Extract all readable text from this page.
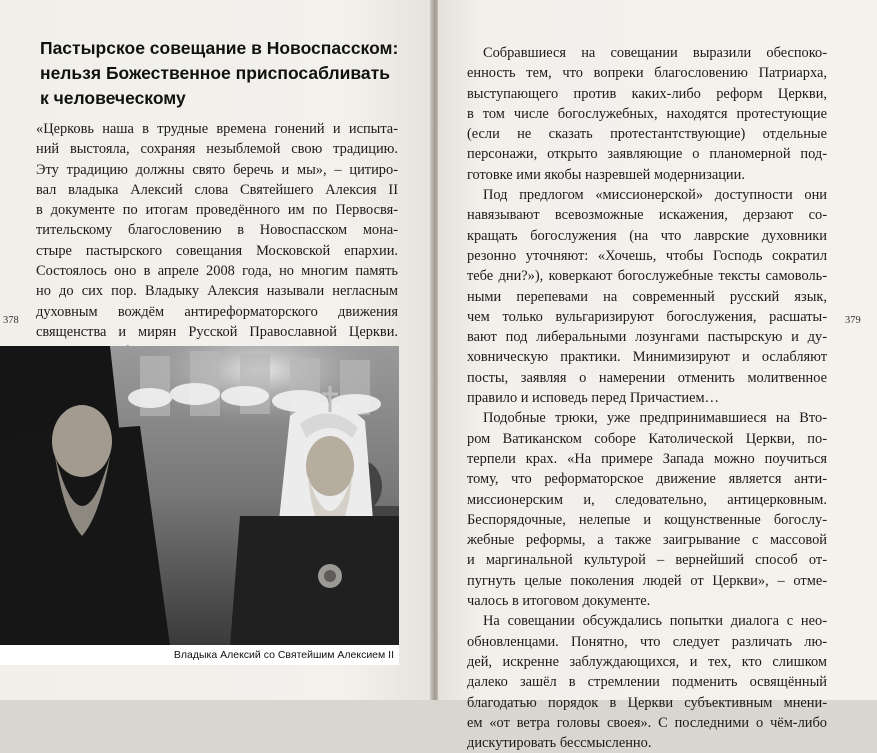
Пастырское совещание в Новоспасском:
нельзя Божественное приспосабливать
к человеческому
«Церковь наша в трудные времена гонений и испыта-
ний выстояла, сохраняя незыблемой свою традицию.
Эту традицию должны свято беречь и мы», – цитиро-
вал владыка Алексий слова Святейшего Алексия II
в документе по итогам проведённого им по Первосвя-
тительскому благословению в Новоспасском мона-
стыре пастырского совещания Московской епархии.
Состоялось оно в апреле 2008 года, но многим память
но до сих пор. Владыку Алексия называли негласным
духовным вождём антиреформаторского движения
священства и мирян Русской Православной Церкви.
378	379
Владыка Алексий со Святейшим Алексием II
Собравшиеся на совещании выразили обеспоко-
енность тем, что вопреки благословению Патриарха,
выступающего против каких-либо реформ Церкви,
в том числе богослужебных, находятся протестующие
(если не сказать протестантствующие) отдельные
персонажи, открыто заявляющие о планомерной под-
готовке ими якобы назревшей модернизации.
Под предлогом «миссионерской» доступности они
навязывают всевозможные искажения, дерзают со-
кращать богослужения (на что лаврские духовники
резонно уточняют: «Хочешь, чтобы Господь сократил
тебе дни?»), коверкают богослужебные тексты самоволь-
ными перепевами на современный русский язык,
чем только вульгаризируют богослужения, расшаты-
вают под либеральными лозунгами пастырскую и ду-
ховническую практики. Минимизируют и ослабляют
посты, заявляя о намерении отменить молитвенное
правило и исповедь перед Причастием…
Подобные трюки, уже предпринимавшиеся на Вто-
ром Ватиканском соборе Католической Церкви, по-
терпели крах. «На примере Запада можно поучиться
тому, что реформаторское движение является анти-
миссионерским и, следовательно, антицерковным.
Беспорядочные, нелепые и кощунственные богослу-
жебные реформы, а также заигрывание с массовой
и маргинальной культурой – вернейший способ от-
пугнуть целые поколения людей от Церкви», – отме-
чалось в итоговом документе.
На совещании обсуждались попытки диалога с нео-
обновленцами. Понятно, что следует различать лю-
дей, искренне заблуждающихся, и тех, кто слишком
далеко зашёл в стремлении подменить освящённый
благодатью порядок в Церкви субъективным мнени-
ем «от ветра головы своея». С последними о чём-либо
дискутировать бессмысленно.
